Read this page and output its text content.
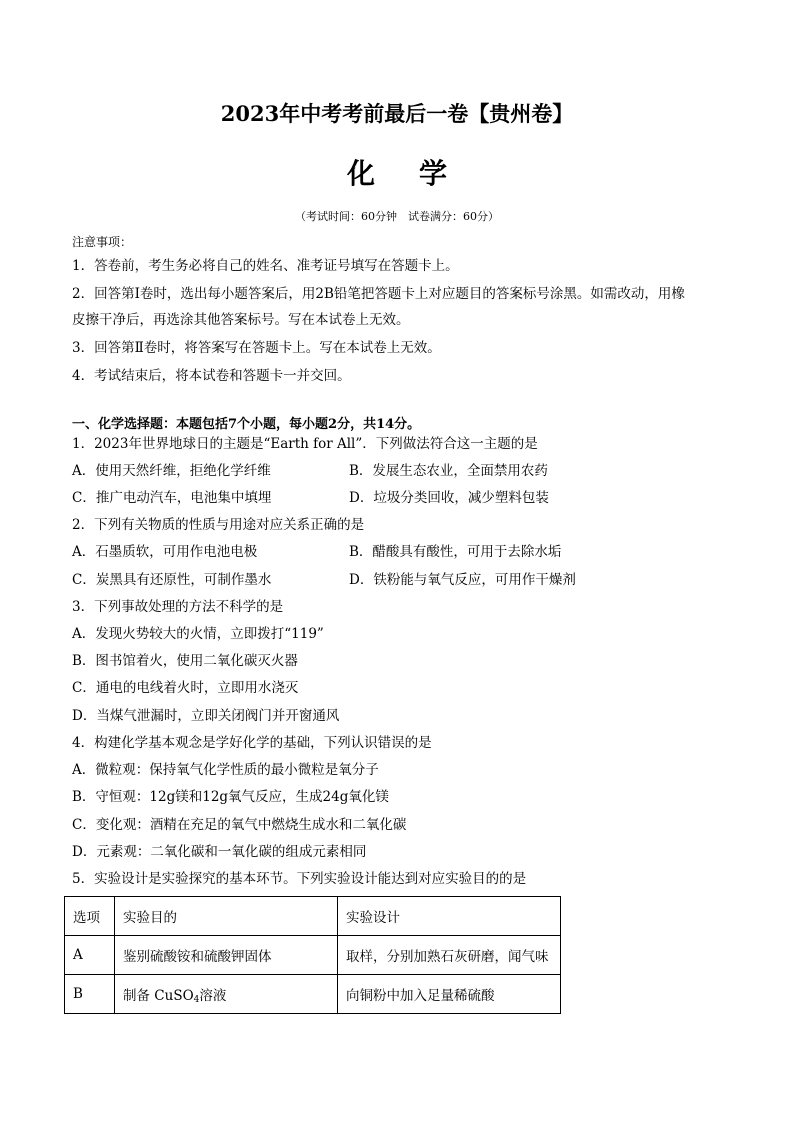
2023年中考考前最后一卷【贵州卷】
化 学
（考试时间：60分钟　试卷满分：60分）
注意事项：
1．答卷前，考生务必将自己的姓名、准考证号填写在答题卡上。
2．回答第Ⅰ卷时，选出每小题答案后，用2B铅笔把答题卡上对应题目的答案标号涂黑。如需改动，用橡
皮擦干净后，再选涂其他答案标号。写在本试卷上无效。
3．回答第Ⅱ卷时，将答案写在答题卡上。写在本试卷上无效。
4．考试结束后，将本试卷和答题卡一并交回。
一、化学选择题：本题包括7个小题，每小题2分，共14分。
1．2023年世界地球日的主题是“Earth for All”．下列做法符合这一主题的是
A．使用天然纤维，拒绝化学纤维	B．发展生态农业，全面禁用农药
C．推广电动汽车，电池集中填埋	D．垃圾分类回收，减少塑料包装
2．下列有关物质的性质与用途对应关系正确的是
A．石墨质软，可用作电池电极	B．醋酸具有酸性，可用于去除水垢
C．炭黑具有还原性，可制作墨水	D．铁粉能与氧气反应，可用作干燥剂
3．下列事故处理的方法不科学的是
A．发现火势较大的火情，立即拨打“119”
B．图书馆着火，使用二氧化碳灭火器
C．通电的电线着火时，立即用水浇灭
D．当煤气泄漏时，立即关闭阀门并开窗通风
4．构建化学基本观念是学好化学的基础，下列认识错误的是
A．微粒观：保持氧气化学性质的最小微粒是氧分子
B．守恒观：12g镁和12g氧气反应，生成24g氧化镁
C．变化观：酒精在充足的氧气中燃烧生成水和二氧化碳
D．元素观：二氧化碳和一氧化碳的组成元素相同
5．实验设计是实验探究的基本环节。下列实验设计能达到对应实验目的的是
选项	实验目的	实验设计
A	鉴别硫酸铵和硫酸钾固体	取样，分别加熟石灰研磨，闻气味
B	制备 CuSO$_4$溶液	向铜粉中加入足量稀硫酸
